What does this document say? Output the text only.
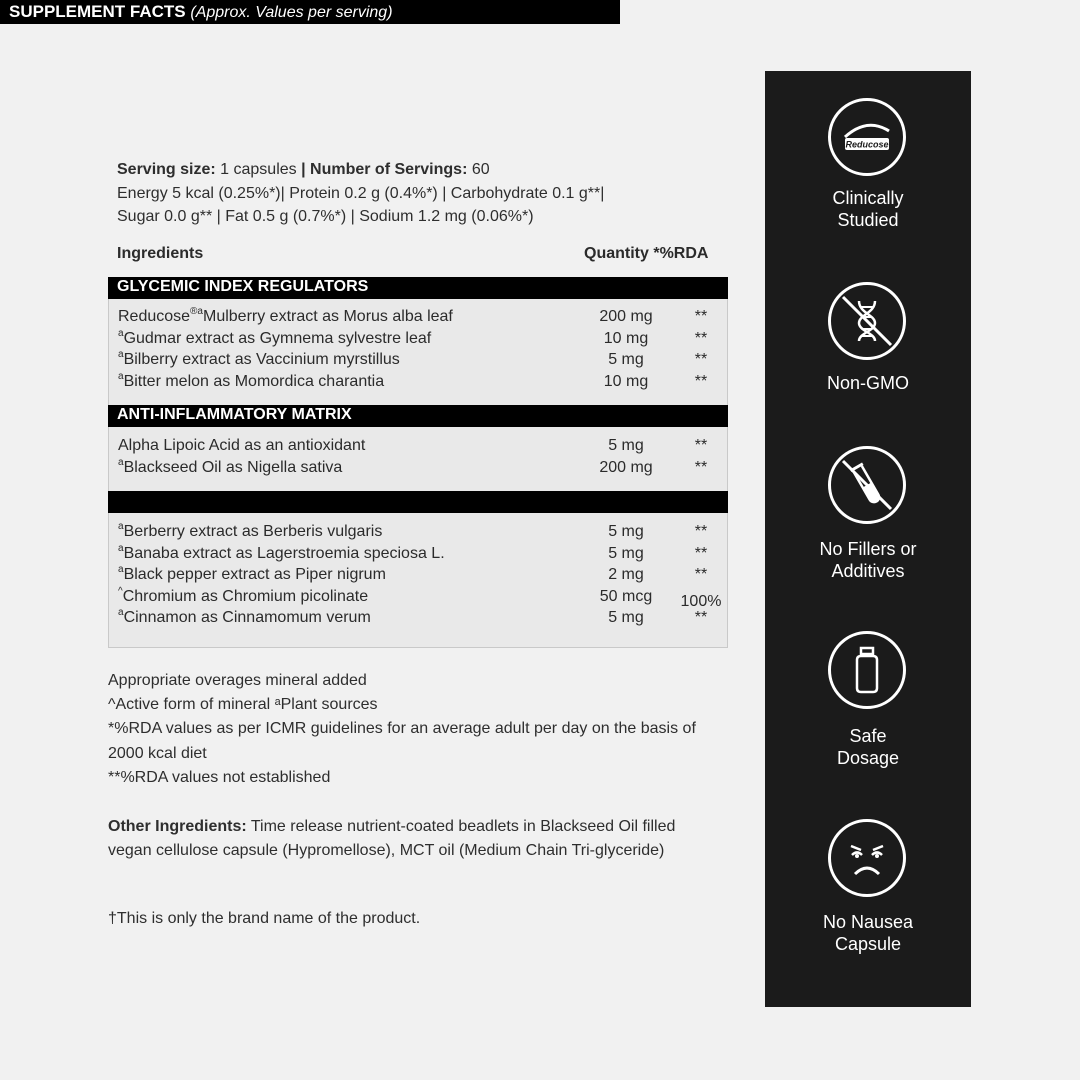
SUPPLEMENT FACTS (Approx. Values per serving)
Serving size: 1 capsules | Number of Servings: 60
Energy 5 kcal (0.25%*)| Protein 0.2 g (0.4%*) | Carbohydrate 0.1 g**|
Sugar 0.0 g** | Fat 0.5 g (0.7%*) | Sodium 1.2 mg (0.06%*)
Ingredients	Quantity *%RDA
GLYCEMIC INDEX REGULATORS
Reducose$^{®a}$Mulberry extract as Morus alba leaf	200 mg	**
$^a$Gudmar extract as Gymnema sylvestre leaf	10 mg	**
$^a$Bilberry extract as Vaccinium myrstillus	5 mg	**
$^a$Bitter melon as Momordica charantia	10 mg	**
ANTI-INFLAMMATORY MATRIX
Alpha Lipoic Acid as an antioxidant	5 mg	**
$^a$Blackseed Oil as Nigella sativa	200 mg	**
$^a$Berberry extract as Berberis vulgaris	5 mg	**
$^a$Banaba extract as Lagerstroemia speciosa L.	5 mg	**
$^a$Black pepper extract as Piper nigrum	2 mg	**
^Chromium as Chromium picolinate	50 mcg	100%
$^a$Cinnamon as Cinnamomum verum	5 mg	**
Appropriate overages mineral added
^Active form of mineral ᵃPlant sources
*%RDA values as per ICMR guidelines for an average adult per day on the basis of 2000 kcal diet
**%RDA values not established
Other Ingredients: Time release nutrient-coated beadlets in Blackseed Oil filled vegan cellulose capsule (Hypromellose), MCT oil (Medium Chain Tri-glyceride)
†This is only the brand name of the product.
Reducose
Clinically Studied
Non-GMO
No Fillers or Additives
Safe Dosage
No Nausea Capsule
